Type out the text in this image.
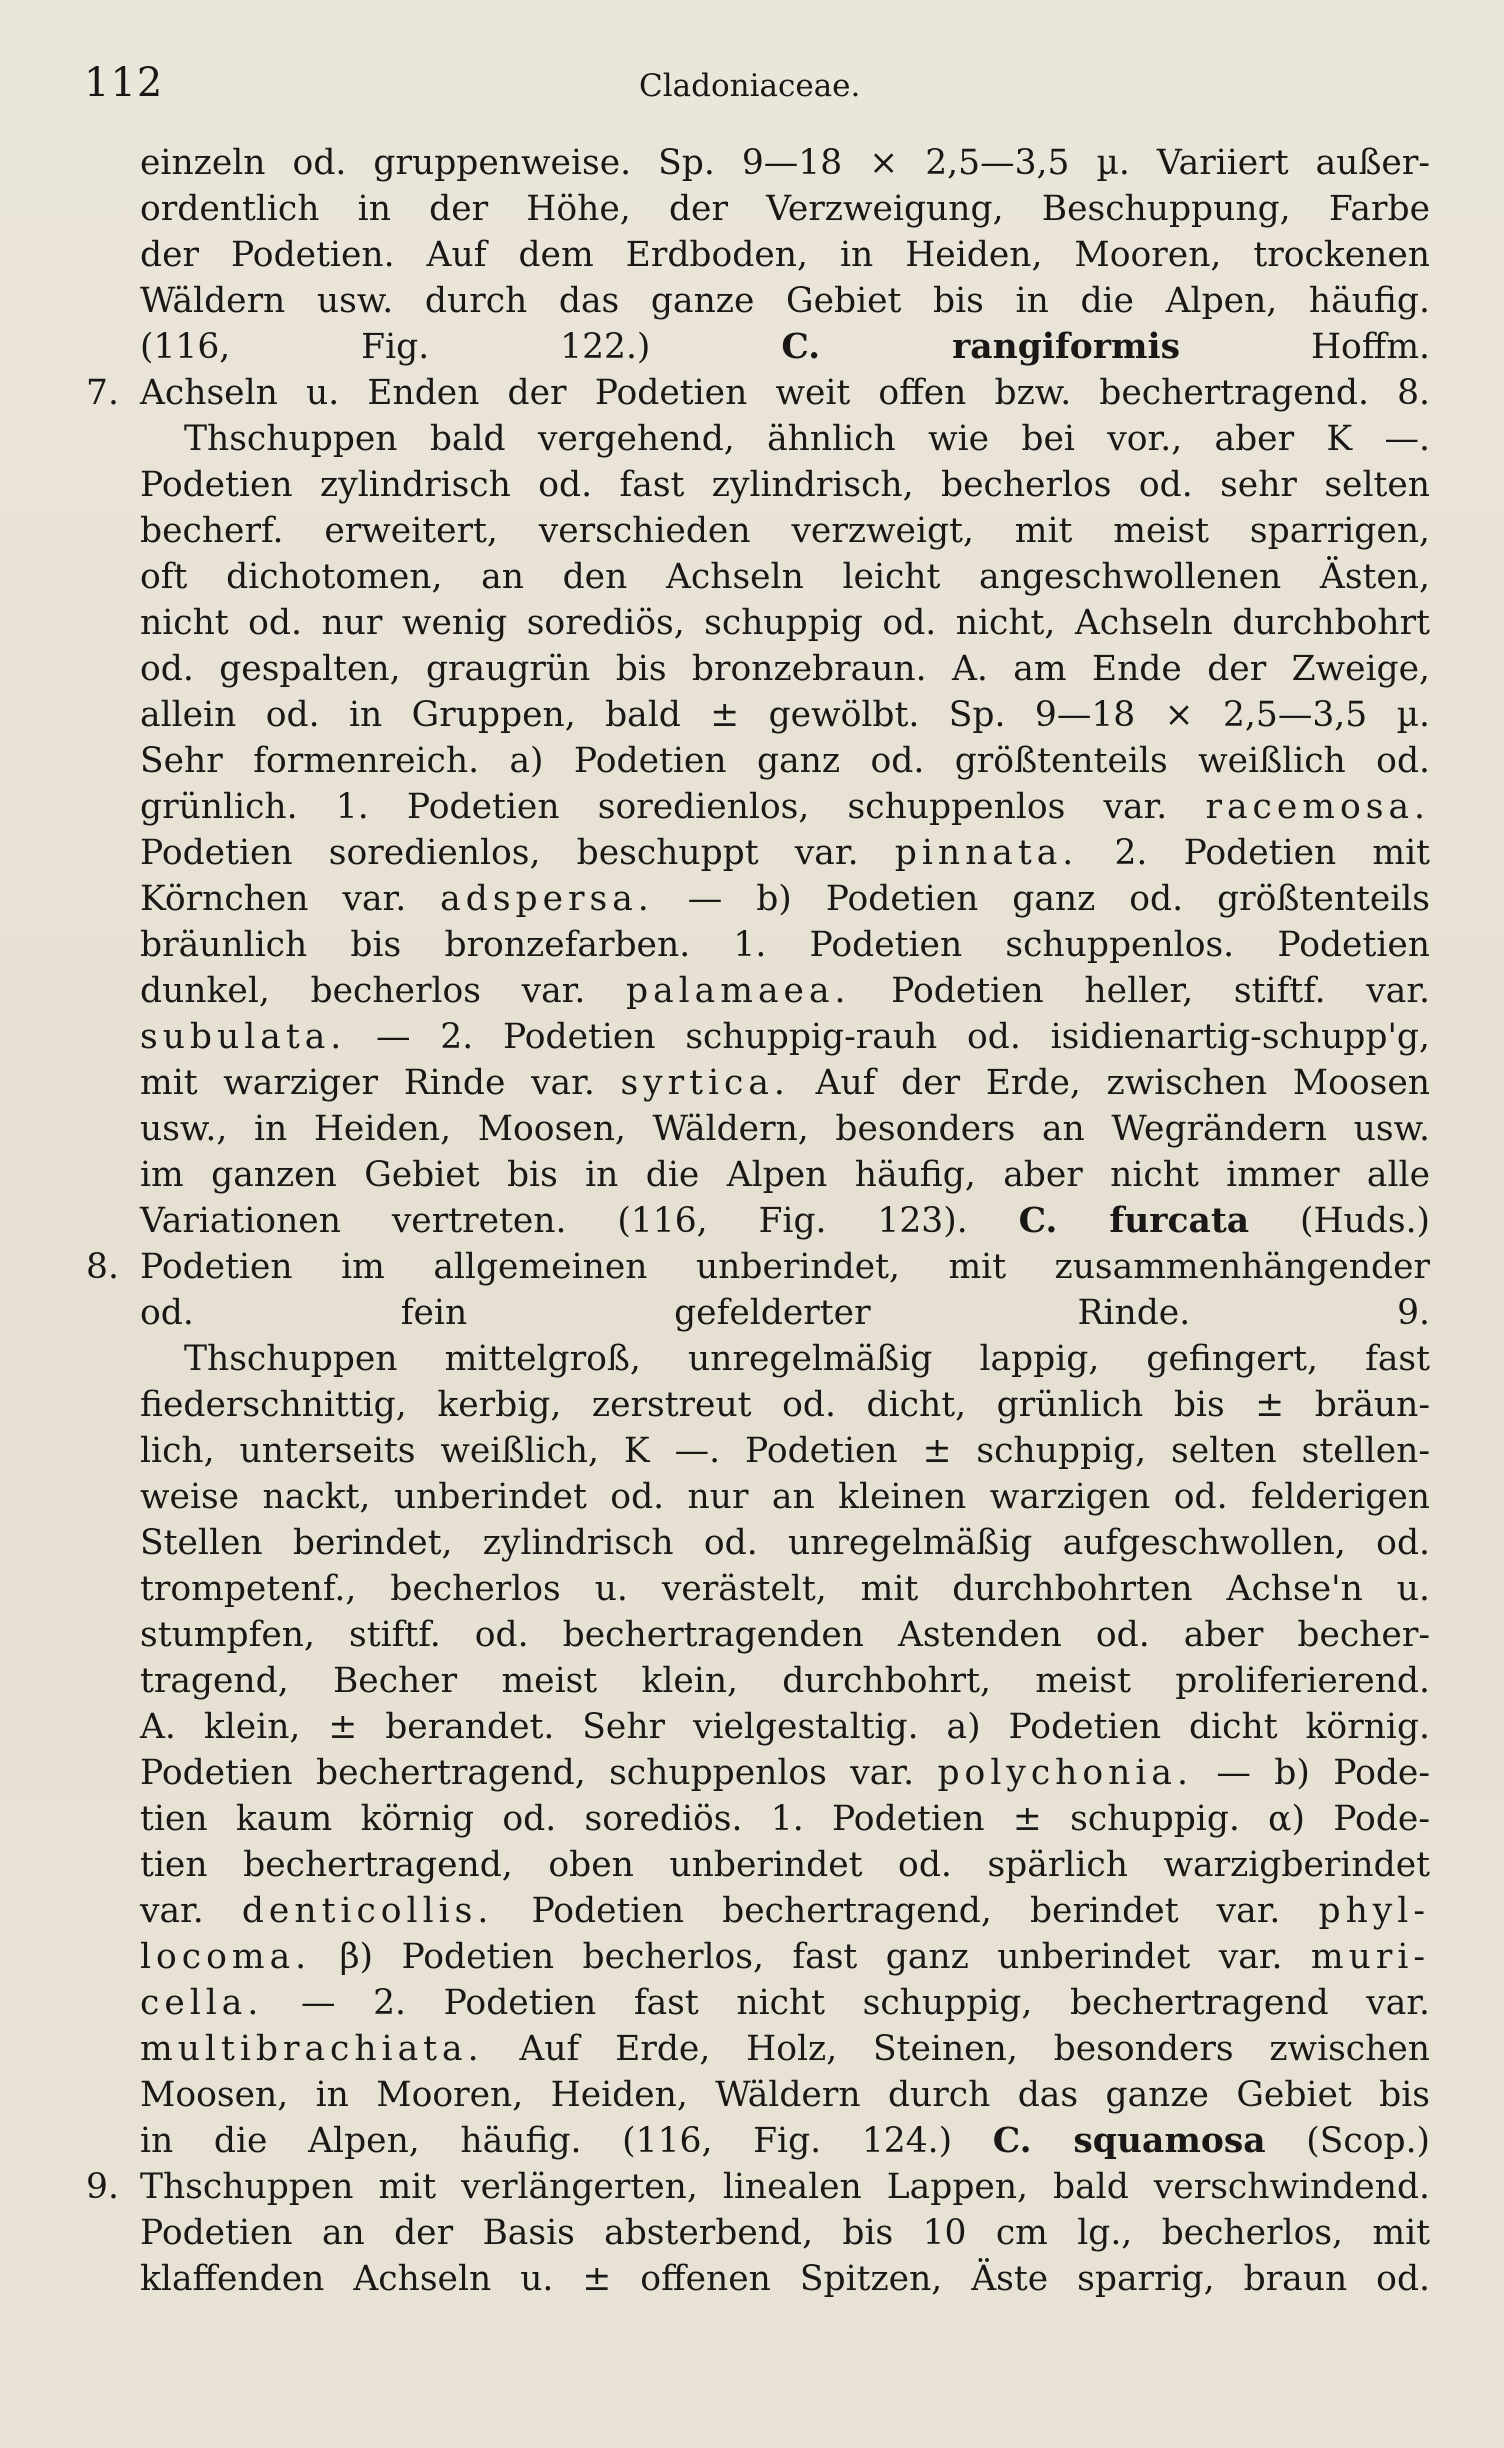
112	Cladoniaceae.
einzeln od. gruppenweise. Sp. 9—18 × 2,5—3,5 µ. Variiert außer-
ordentlich in der Höhe, der Verzweigung, Beschuppung, Farbe
der Podetien. Auf dem Erdboden, in Heiden, Mooren, trockenen
Wäldern usw. durch das ganze Gebiet bis in die Alpen, häufig.
(116, Fig. 122.)	C. rangiformis	Hoffm.
7. Achseln u. Enden der Podetien weit offen bzw. bechertragend. 8.
Thschuppen bald vergehend, ähnlich wie bei vor., aber K —.
Podetien zylindrisch od. fast zylindrisch, becherlos od. sehr selten
becherf. erweitert, verschieden verzweigt, mit meist sparrigen,
oft dichotomen, an den Achseln leicht angeschwollenen Ästen,
nicht od. nur wenig sorediös, schuppig od. nicht, Achseln durchbohrt
od. gespalten, graugrün bis bronzebraun. A. am Ende der Zweige,
allein od. in Gruppen, bald ± gewölbt. Sp. 9—18 × 2,5—3,5 µ.
Sehr formenreich. a) Podetien ganz od. größtenteils weißlich od.
grünlich. 1. Podetien soredienlos, schuppenlos var. racemosa.
Podetien soredienlos, beschuppt var. pinnata. 2. Podetien mit
Körnchen var. adspersa. — b) Podetien ganz od. größtenteils
bräunlich bis bronzefarben. 1. Podetien schuppenlos. Podetien
dunkel, becherlos var. palamaea. Podetien heller, stiftf. var.
subulata. — 2. Podetien schuppig-rauh od. isidienartig-schupp'g,
mit warziger Rinde var. syrtica. Auf der Erde, zwischen Moosen
usw., in Heiden, Moosen, Wäldern, besonders an Wegrändern usw.
im ganzen Gebiet bis in die Alpen häufig, aber nicht immer alle
Variationen vertreten. (116, Fig. 123). C. furcata (Huds.)
8. Podetien im allgemeinen unberindet, mit zusammenhängender
od. fein gefelderter Rinde.	9.
Thschuppen mittelgroß, unregelmäßig lappig, gefingert, fast
fiederschnittig, kerbig, zerstreut od. dicht, grünlich bis ± bräun-
lich, unterseits weißlich, K —. Podetien ± schuppig, selten stellen-
weise nackt, unberindet od. nur an kleinen warzigen od. felderigen
Stellen berindet, zylindrisch od. unregelmäßig aufgeschwollen, od.
trompetenf., becherlos u. verästelt, mit durchbohrten Achse'n u.
stumpfen, stiftf. od. bechertragenden Astenden od. aber becher-
tragend, Becher meist klein, durchbohrt, meist proliferierend.
A. klein, ± berandet. Sehr vielgestaltig. a) Podetien dicht körnig.
Podetien bechertragend, schuppenlos var. polychonia. — b) Pode-
tien kaum körnig od. sorediös. 1. Podetien ± schuppig. α) Pode-
tien bechertragend, oben unberindet od. spärlich warzigberindet
var. denticollis. Podetien bechertragend, berindet var. phyl-
locoma. β) Podetien becherlos, fast ganz unberindet var. muri-
cella. — 2. Podetien fast nicht schuppig, bechertragend var.
multibrachiata. Auf Erde, Holz, Steinen, besonders zwischen
Moosen, in Mooren, Heiden, Wäldern durch das ganze Gebiet bis
in die Alpen, häufig. (116, Fig. 124.) C. squamosa (Scop.)
9. Thschuppen mit verlängerten, linealen Lappen, bald verschwindend.
Podetien an der Basis absterbend, bis 10 cm lg., becherlos, mit
klaffenden Achseln u. ± offenen Spitzen, Äste sparrig, braun od.
